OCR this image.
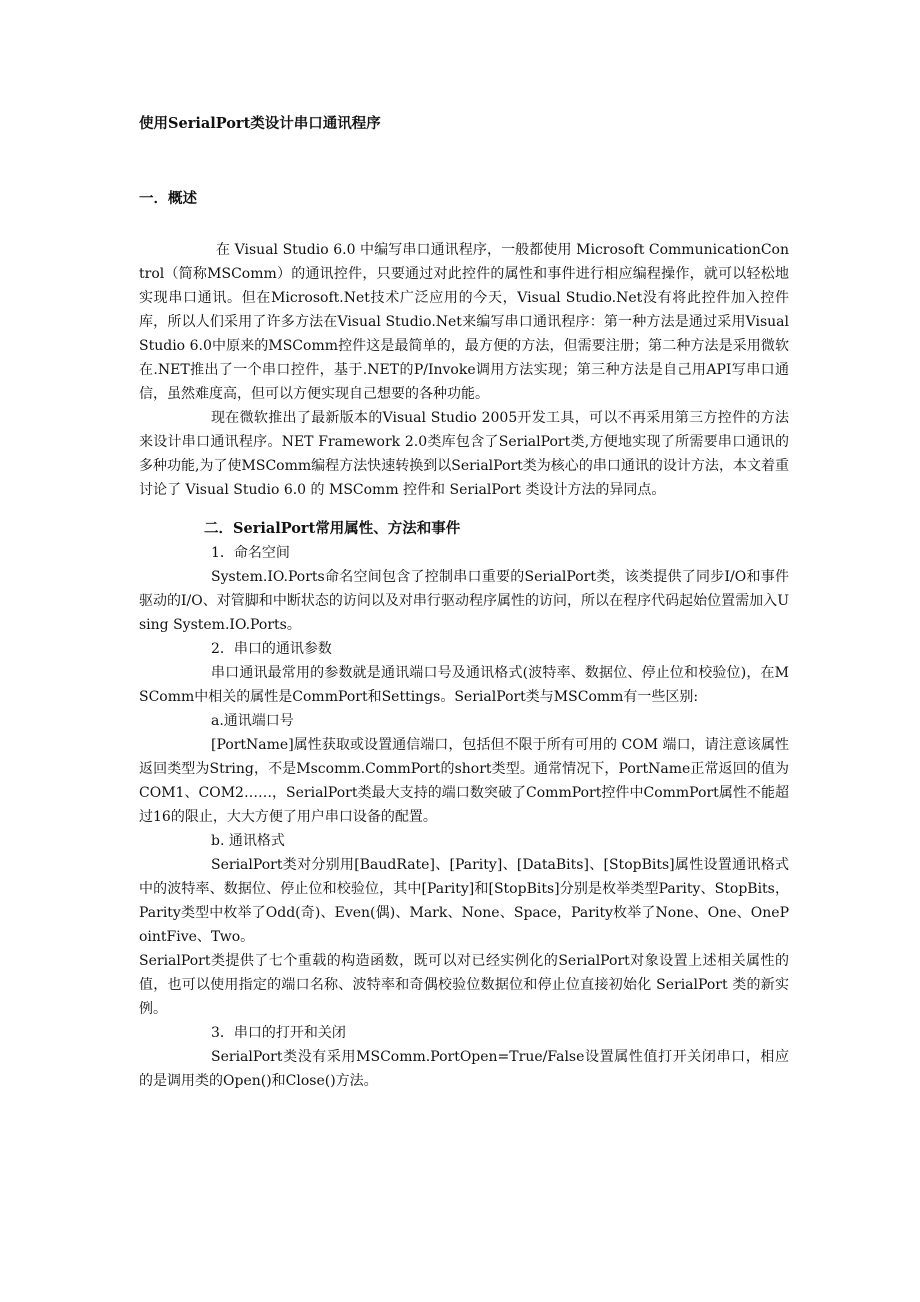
使用SerialPort类设计串口通讯程序

一．概述

在 Visual Studio 6.0 中编写串口通讯程序，一般都使用 Microsoft CommunicationControl（简称MSComm）的通讯控件，只要通过对此控件的属性和事件进行相应编程操作，就可以轻松地实现串口通讯。但在Microsoft.Net技术广泛应用的今天，Visual Studio.Net没有将此控件加入控件库，所以人们采用了许多方法在Visual Studio.Net来编写串口通讯程序：第一种方法是通过采用Visual Studio 6.0中原来的MSComm控件这是最简单的，最方便的方法，但需要注册；第二种方法是采用微软在.NET推出了一个串口控件，基于.NET的P/Invoke调用方法实现；第三种方法是自己用API写串口通信，虽然难度高，但可以方便实现自己想要的各种功能。

现在微软推出了最新版本的Visual Studio 2005开发工具，可以不再采用第三方控件的方法来设计串口通讯程序。NET Framework 2.0类库包含了SerialPort类,方便地实现了所需要串口通讯的多种功能,为了使MSComm编程方法快速转换到以SerialPort类为核心的串口通讯的设计方法，本文着重讨论了 Visual Studio 6.0 的 MSComm 控件和 SerialPort 类设计方法的异同点。

二．SerialPort常用属性、方法和事件

1．命名空间

System.IO.Ports命名空间包含了控制串口重要的SerialPort类，该类提供了同步I/O和事件驱动的I/O、对管脚和中断状态的访问以及对串行驱动程序属性的访问，所以在程序代码起始位置需加入Using System.IO.Ports。

2．串口的通讯参数

串口通讯最常用的参数就是通讯端口号及通讯格式(波特率、数据位、停止位和校验位)，在MSComm中相关的属性是CommPort和Settings。SerialPort类与MSComm有一些区别:

a.通讯端口号

[PortName]属性获取或设置通信端口，包括但不限于所有可用的 COM 端口，请注意该属性返回类型为String，不是Mscomm.CommPort的short类型。通常情况下，PortName正常返回的值为COM1、COM2……，SerialPort类最大支持的端口数突破了CommPort控件中CommPort属性不能超过16的限止，大大方便了用户串口设备的配置。

b. 通讯格式

SerialPort类对分别用[BaudRate]、[Parity]、[DataBits]、[StopBits]属性设置通讯格式中的波特率、数据位、停止位和校验位，其中[Parity]和[StopBits]分别是枚举类型Parity、StopBits，Parity类型中枚举了Odd(奇)、Even(偶)、Mark、None、Space，Parity枚举了None、One、OnePointFive、Two。

SerialPort类提供了七个重载的构造函数，既可以对已经实例化的SerialPort对象设置上述相关属性的值，也可以使用指定的端口名称、波特率和奇偶校验位数据位和停止位直接初始化 SerialPort 类的新实例。

3．串口的打开和关闭

SerialPort类没有采用MSComm.PortOpen=True/False设置属性值打开关闭串口，相应的是调用类的Open()和Close()方法。
